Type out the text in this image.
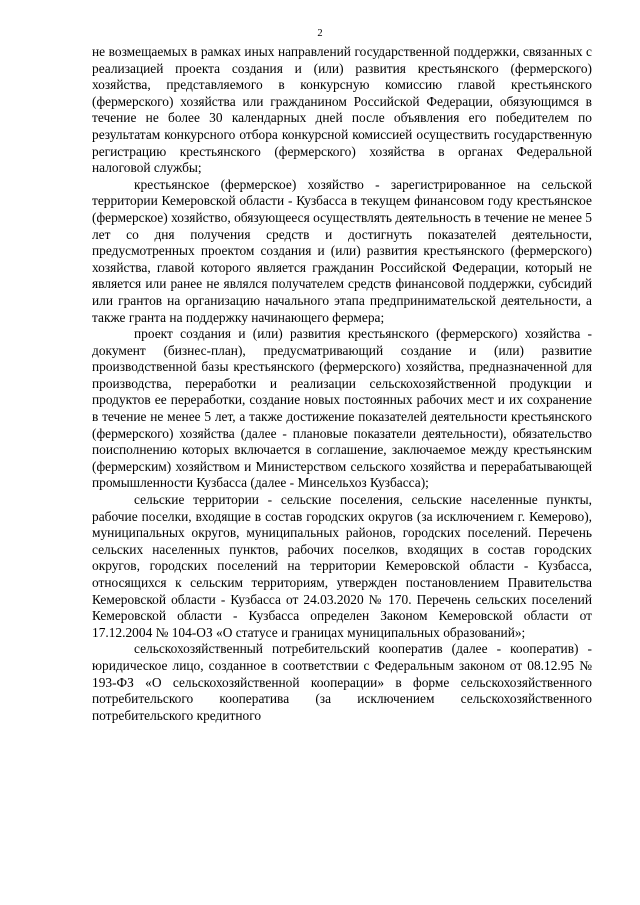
2

не возмещаемых в рамках иных направлений государственной поддержки, связанных с реализацией проекта создания и (или) развития крестьянского (фермерского) хозяйства, представляемого в конкурсную комиссию главой крестьянского (фермерского) хозяйства или гражданином Российской Федерации, обязующимся в течение не более 30 календарных дней после объявления его победителем по результатам конкурсного отбора конкурсной комиссией осуществить государственную регистрацию крестьянского (фермерского) хозяйства в органах Федеральной налоговой службы;

крестьянское (фермерское) хозяйство - зарегистрированное на сельской территории Кемеровской области - Кузбасса в текущем финансовом году крестьянское (фермерское) хозяйство, обязующееся осуществлять деятельность в течение не менее 5 лет со дня получения средств и достигнуть показателей деятельности, предусмотренных проектом создания и (или) развития крестьянского (фермерского) хозяйства, главой которого является гражданин Российской Федерации, который не является или ранее не являлся получателем средств финансовой поддержки, субсидий или грантов на организацию начального этапа предпринимательской деятельности, а также гранта на поддержку начинающего фермера;

проект создания и (или) развития крестьянского (фермерского) хозяйства - документ (бизнес-план), предусматривающий создание и (или) развитие производственной базы крестьянского (фермерского) хозяйства, предназначенной для производства, переработки и реализации сельскохозяйственной продукции и продуктов ее переработки, создание новых постоянных рабочих мест и их сохранение в течение не менее 5 лет, а также достижение показателей деятельности крестьянского (фермерского) хозяйства (далее - плановые показатели деятельности), обязательство поисполнению которых включается в соглашение, заключаемое между крестьянским (фермерским) хозяйством и Министерством сельского хозяйства и перерабатывающей промышленности Кузбасса (далее - Минсельхоз Кузбасса);

сельские территории - сельские поселения, сельские населенные пункты, рабочие поселки, входящие в состав городских округов (за исключением г. Кемерово), муниципальных округов, муниципальных районов, городских поселений. Перечень сельских населенных пунктов, рабочих поселков, входящих в состав городских округов, городских поселений на территории Кемеровской области - Кузбасса, относящихся к сельским территориям, утвержден постановлением Правительства Кемеровской области - Кузбасса от 24.03.2020 № 170. Перечень сельских поселений Кемеровской области - Кузбасса определен Законом Кемеровской области от 17.12.2004 № 104-ОЗ «О статусе и границах муниципальных образований»;

сельскохозяйственный потребительский кооператив (далее - кооператив) - юридическое лицо, созданное в соответствии с Федеральным законом от 08.12.95 № 193-ФЗ «О сельскохозяйственной кооперации» в форме сельскохозяйственного потребительского кооператива (за исключением сельскохозяйственного потребительского кредитного
